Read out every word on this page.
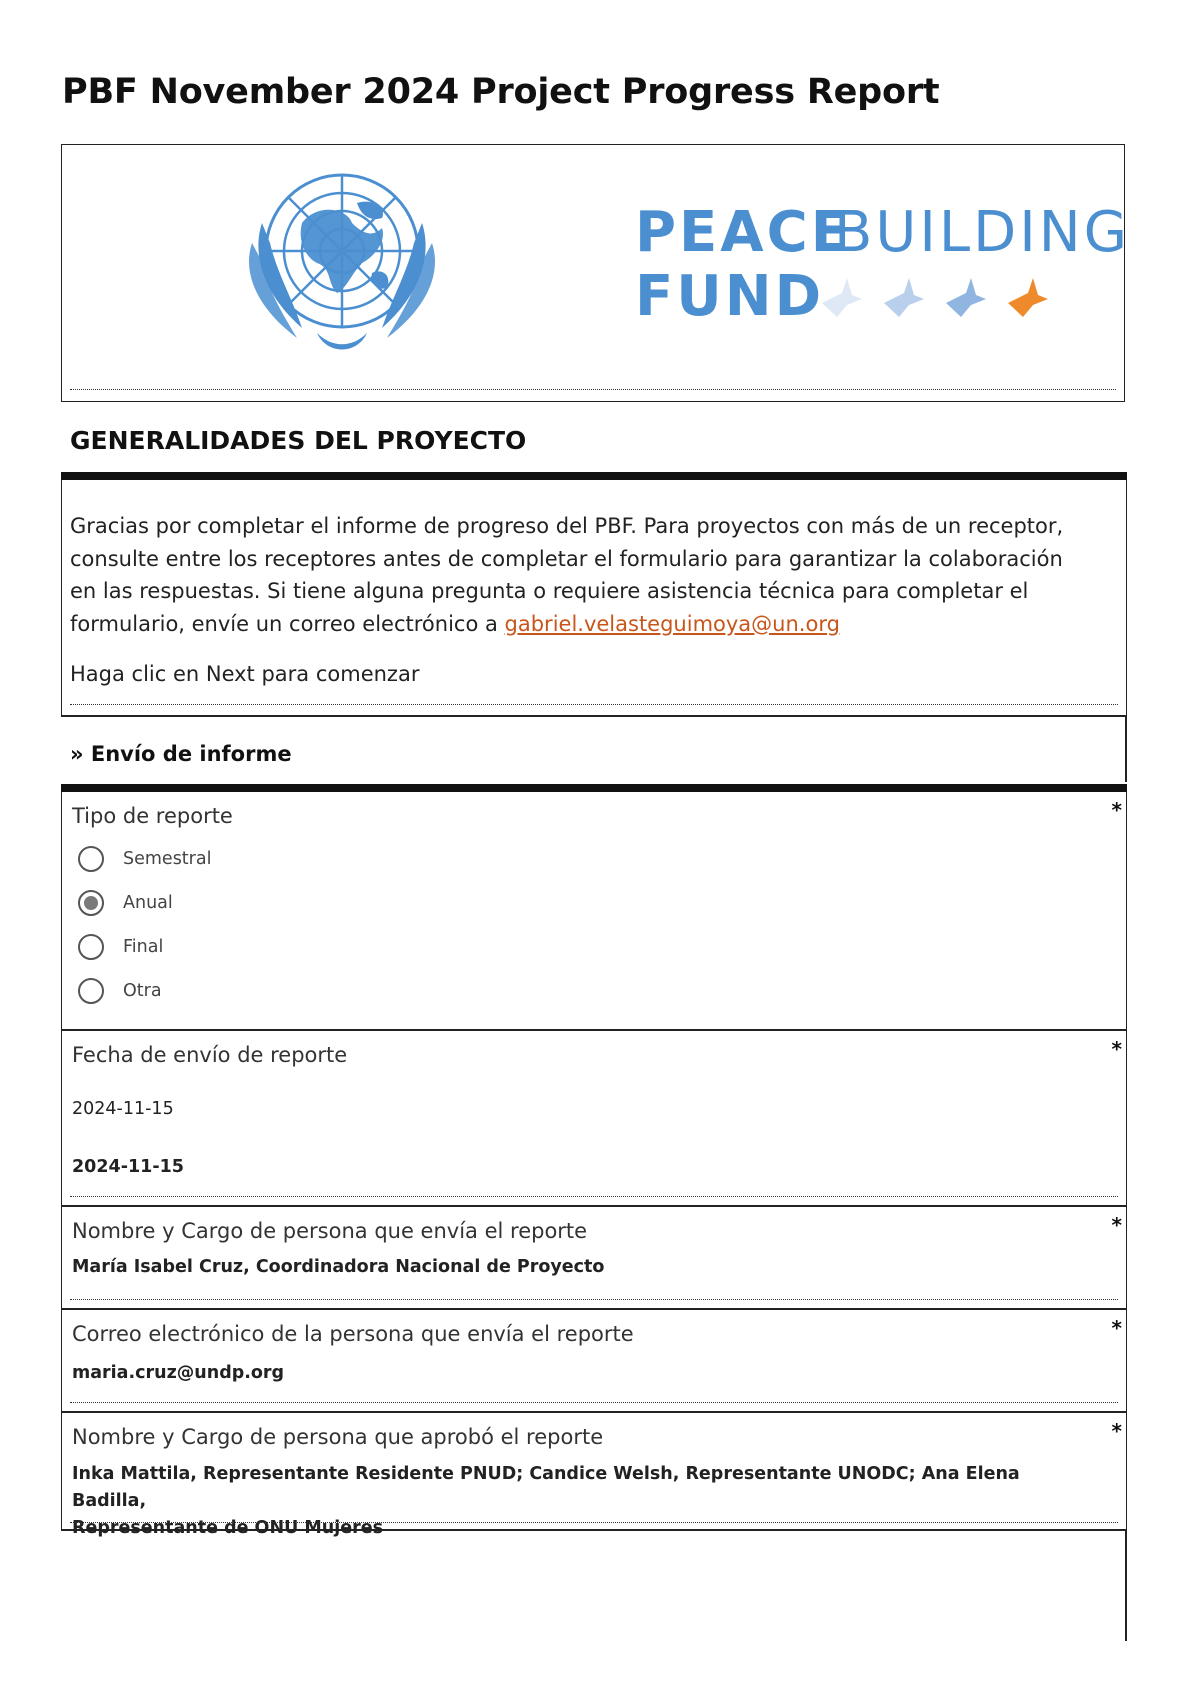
PBF November 2024 Project Progress Report
PEACE
BUILDING
FUND
GENERALIDADES DEL PROYECTO
Gracias por completar el informe de progreso del PBF. Para proyectos con más de un receptor, consulte entre los receptores antes de completar el formulario para garantizar la colaboración en las respuestas. Si tiene alguna pregunta o requiere asistencia técnica para completar el formulario, envíe un correo electrónico a gabriel.velasteguimoya@un.org
Haga clic en Next para comenzar
» Envío de informe
*
Tipo de reporte
Semestral
Anual
Final
Otra
*
Fecha de envío de reporte
2024-11-15
2024-11-15
*
Nombre y Cargo de persona que envía el reporte
María Isabel Cruz, Coordinadora Nacional de Proyecto
*
Correo electrónico de la persona que envía el reporte
maria.cruz@undp.org
*
Nombre y Cargo de persona que aprobó el reporte
Inka Mattila, Representante Residente PNUD; Candice Welsh, Representante UNODC; Ana Elena Badilla,
Representante de ONU Mujeres
